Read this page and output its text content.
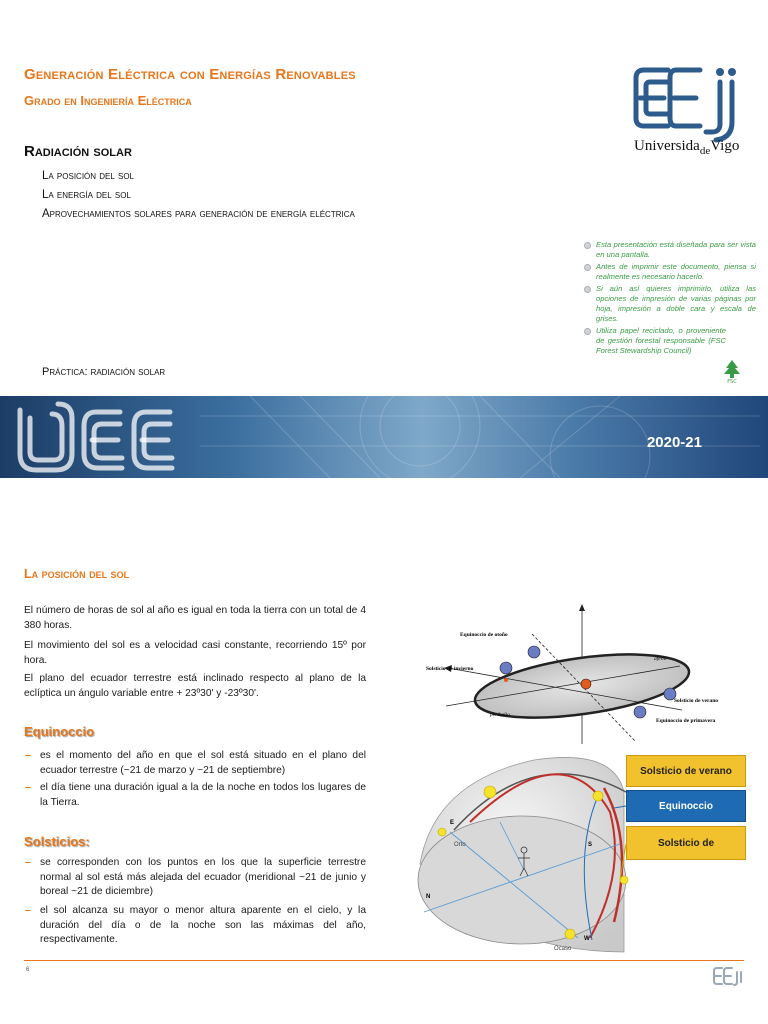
Generación Eléctrica con Energías Renovables
Grado en Ingeniería Eléctrica
Radiación solar
La posición del sol
La energía del sol
Aprovechamientos solares para generación de energía eléctrica
Práctica: radiación solar
Universida$_{de}$Vigo
Esta presentación está diseñada para ser vista en una pantalla.
Antes de imprimir este documento, piensa si realmente es necesario hacerlo.
Si aún así quieres imprimirlo, utiliza las opciones de impresión de varias páginas por hoja, impresión a doble cara y escala de grises.
Utiliza papel reciclado, o proveniente de gestión forestal responsable (FSC Forest Stewardship Council)
FSC
2020-21
La posición del sol
El número de horas de sol al año es igual en toda la tierra con un total de 4 380 horas.
El movimiento del sol es a velocidad casi constante, recorriendo 15º por hora.
El plano del ecuador terrestre está inclinado respecto al plano de la eclíptica un ángulo variable entre + 23º30' y -23º30'.
Equinoccio
– es el momento del año en que el sol está situado en el plano del ecuador terrestre (~21 de marzo y ~21 de septiembre)
– el día tiene una duración igual a la de la noche en todos los lugares de la Tierra.
Solsticios:
– se corresponden con los puntos en los que la superficie terrestre normal al sol está más alejada del ecuador (meridional ~21 de junio y boreal ~21 de diciembre)
– el sol alcanza su mayor o menor altura aparente en el cielo, y la duración del día o de la noche son las máximas del año, respectivamente.
Equinoccio de otoño
Solsticio de invierno
Solsticio de verano
Equinoccio de primavera
afelio
perihelio
E
Orto	S
N
W
Ocaso
Solsticio de verano
Equinoccio
Solsticio de
6
